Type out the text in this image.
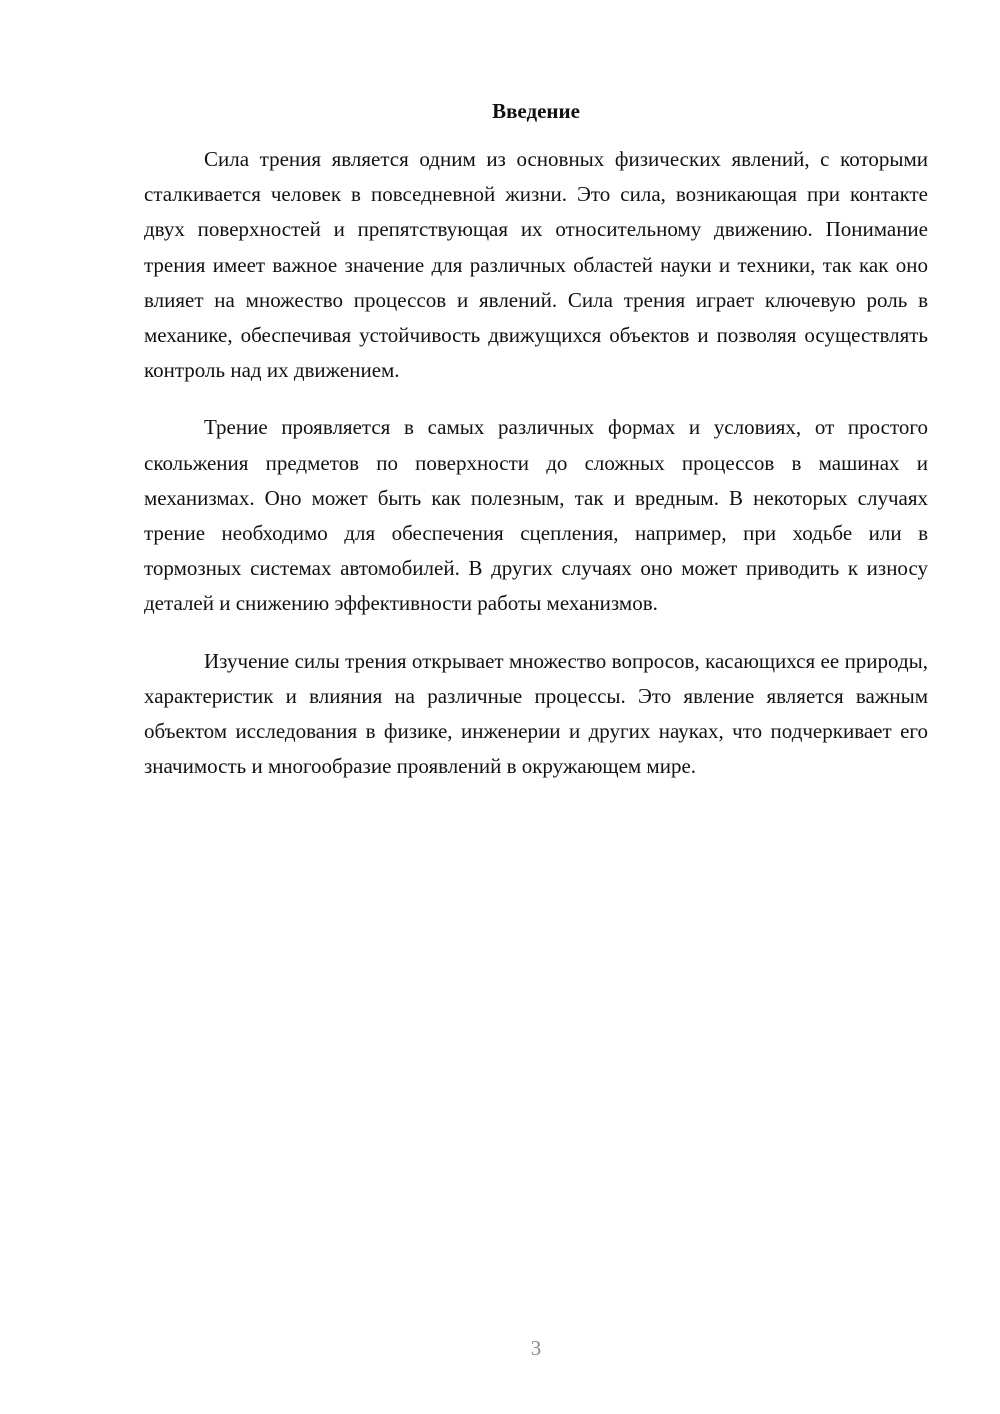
Введение

Сила трения является одним из основных физических явлений, с которыми сталкивается человек в повседневной жизни. Это сила, возникающая при контакте двух поверхностей и препятствующая их относительному движению. Понимание трения имеет важное значение для различных областей науки и техники, так как оно влияет на множество процессов и явлений. Сила трения играет ключевую роль в механике, обеспечивая устойчивость движущихся объектов и позволяя осуществлять контроль над их движением.

Трение проявляется в самых различных формах и условиях, от простого скольжения предметов по поверхности до сложных процессов в машинах и механизмах. Оно может быть как полезным, так и вредным. В некоторых случаях трение необходимо для обеспечения сцепления, например, при ходьбе или в тормозных системах автомобилей. В других случаях оно может приводить к износу деталей и снижению эффективности работы механизмов.

Изучение силы трения открывает множество вопросов, касающихся ее природы, характеристик и влияния на различные процессы. Это явление является важным объектом исследования в физике, инженерии и других науках, что подчеркивает его значимость и многообразие проявлений в окружающем мире.

3
